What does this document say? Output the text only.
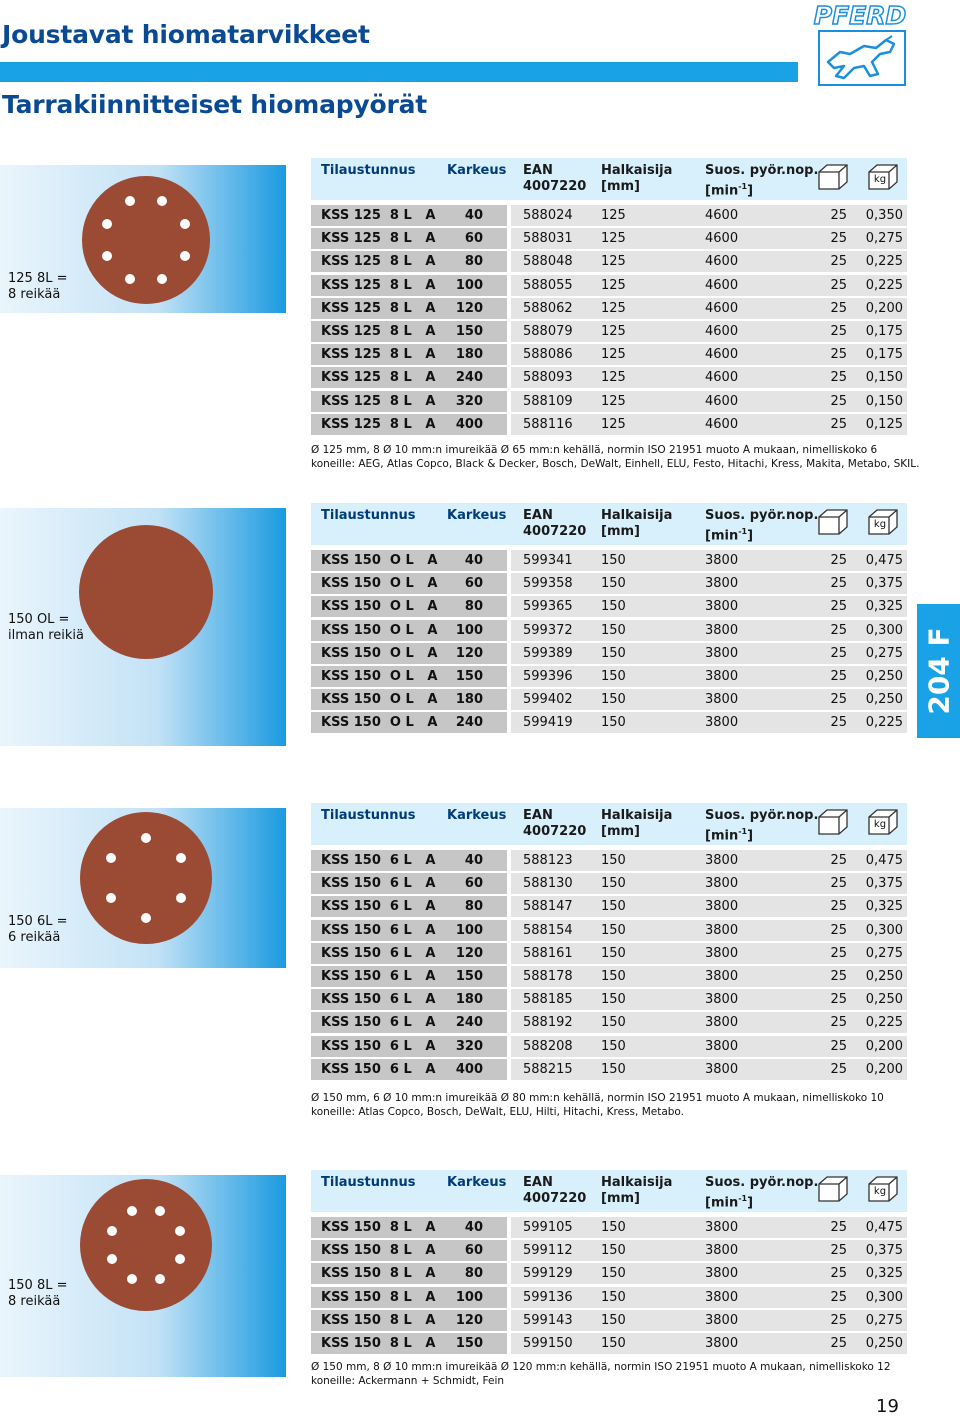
Joustavat hiomatarvikkeet
Tarrakiinnitteiset hiomapyörät
PFERD
204 F
125 8L =
8 reikää
Tilaustunnus Karkeus EAN
4007220
Halkaisija
[mm]
Suos. pyör.nop.
$[\min^{-1}]$
kg
KSS 125  8 L   A	40	588024 125	4600	25	0,350
KSS 125  8 L   A	60	588031 125	4600	25	0,275
KSS 125  8 L   A	80	588048 125	4600	25	0,225
KSS 125  8 L   A	100	588055 125	4600	25	0,225
KSS 125  8 L   A	120	588062 125	4600	25	0,200
KSS 125  8 L   A	150	588079 125	4600	25	0,175
KSS 125  8 L   A	180	588086 125	4600	25	0,175
KSS 125  8 L   A	240	588093 125	4600	25	0,150
KSS 125  8 L   A	320	588109 125	4600	25	0,150
KSS 125  8 L   A	400	588116 125	4600	25	0,125
Ø 125 mm, 8 Ø 10 mm:n imureikää Ø 65 mm:n kehällä, normin ISO 21951 muoto A mukaan, nimelliskoko 6
koneille: AEG, Atlas Copco, Black & Decker, Bosch, DeWalt, Einhell, ELU, Festo, Hitachi, Kress, Makita, Metabo, SKIL.
150 OL =
ilman reikiä
Tilaustunnus Karkeus EAN
4007220
Halkaisija
[mm]
Suos. pyör.nop.
$[\min^{-1}]$
kg
KSS 150  O L   A	40	599341 150	3800	25	0,475
KSS 150  O L   A	60	599358 150	3800	25	0,375
KSS 150  O L   A	80	599365 150	3800	25	0,325
KSS 150  O L   A	100	599372 150	3800	25	0,300
KSS 150  O L   A	120	599389 150	3800	25	0,275
KSS 150  O L   A	150	599396 150	3800	25	0,250
KSS 150  O L   A	180	599402 150	3800	25	0,250
KSS 150  O L   A	240	599419 150	3800	25	0,225
150 6L =
6 reikää
Tilaustunnus Karkeus EAN
4007220
Halkaisija
[mm]
Suos. pyör.nop.
$[\min^{-1}]$
kg
KSS 150  6 L   A	40	588123 150	3800	25	0,475
KSS 150  6 L   A	60	588130 150	3800	25	0,375
KSS 150  6 L   A	80	588147 150	3800	25	0,325
KSS 150  6 L   A	100	588154 150	3800	25	0,300
KSS 150  6 L   A	120	588161 150	3800	25	0,275
KSS 150  6 L   A	150	588178 150	3800	25	0,250
KSS 150  6 L   A	180	588185 150	3800	25	0,250
KSS 150  6 L   A	240	588192 150	3800	25	0,225
KSS 150  6 L   A	320	588208 150	3800	25	0,200
KSS 150  6 L   A	400	588215 150	3800	25	0,200
Ø 150 mm, 6 Ø 10 mm:n imureikää Ø 80 mm:n kehällä, normin ISO 21951 muoto A mukaan, nimelliskoko 10
koneille: Atlas Copco, Bosch, DeWalt, ELU, Hilti, Hitachi, Kress, Metabo.
150 8L =
8 reikää
Tilaustunnus Karkeus EAN
4007220
Halkaisija
[mm]
Suos. pyör.nop.
$[\min^{-1}]$
kg
KSS 150  8 L   A	40	599105 150	3800	25	0,475
KSS 150  8 L   A	60	599112 150	3800	25	0,375
KSS 150  8 L   A	80	599129 150	3800	25	0,325
KSS 150  8 L   A	100	599136 150	3800	25	0,300
KSS 150  8 L   A	120	599143 150	3800	25	0,275
KSS 150  8 L   A	150	599150 150	3800	25	0,250
Ø 150 mm, 8 Ø 10 mm:n imureikää Ø 120 mm:n kehällä, normin ISO 21951 muoto A mukaan, nimelliskoko 12
koneille: Ackermann + Schmidt, Fein
19
